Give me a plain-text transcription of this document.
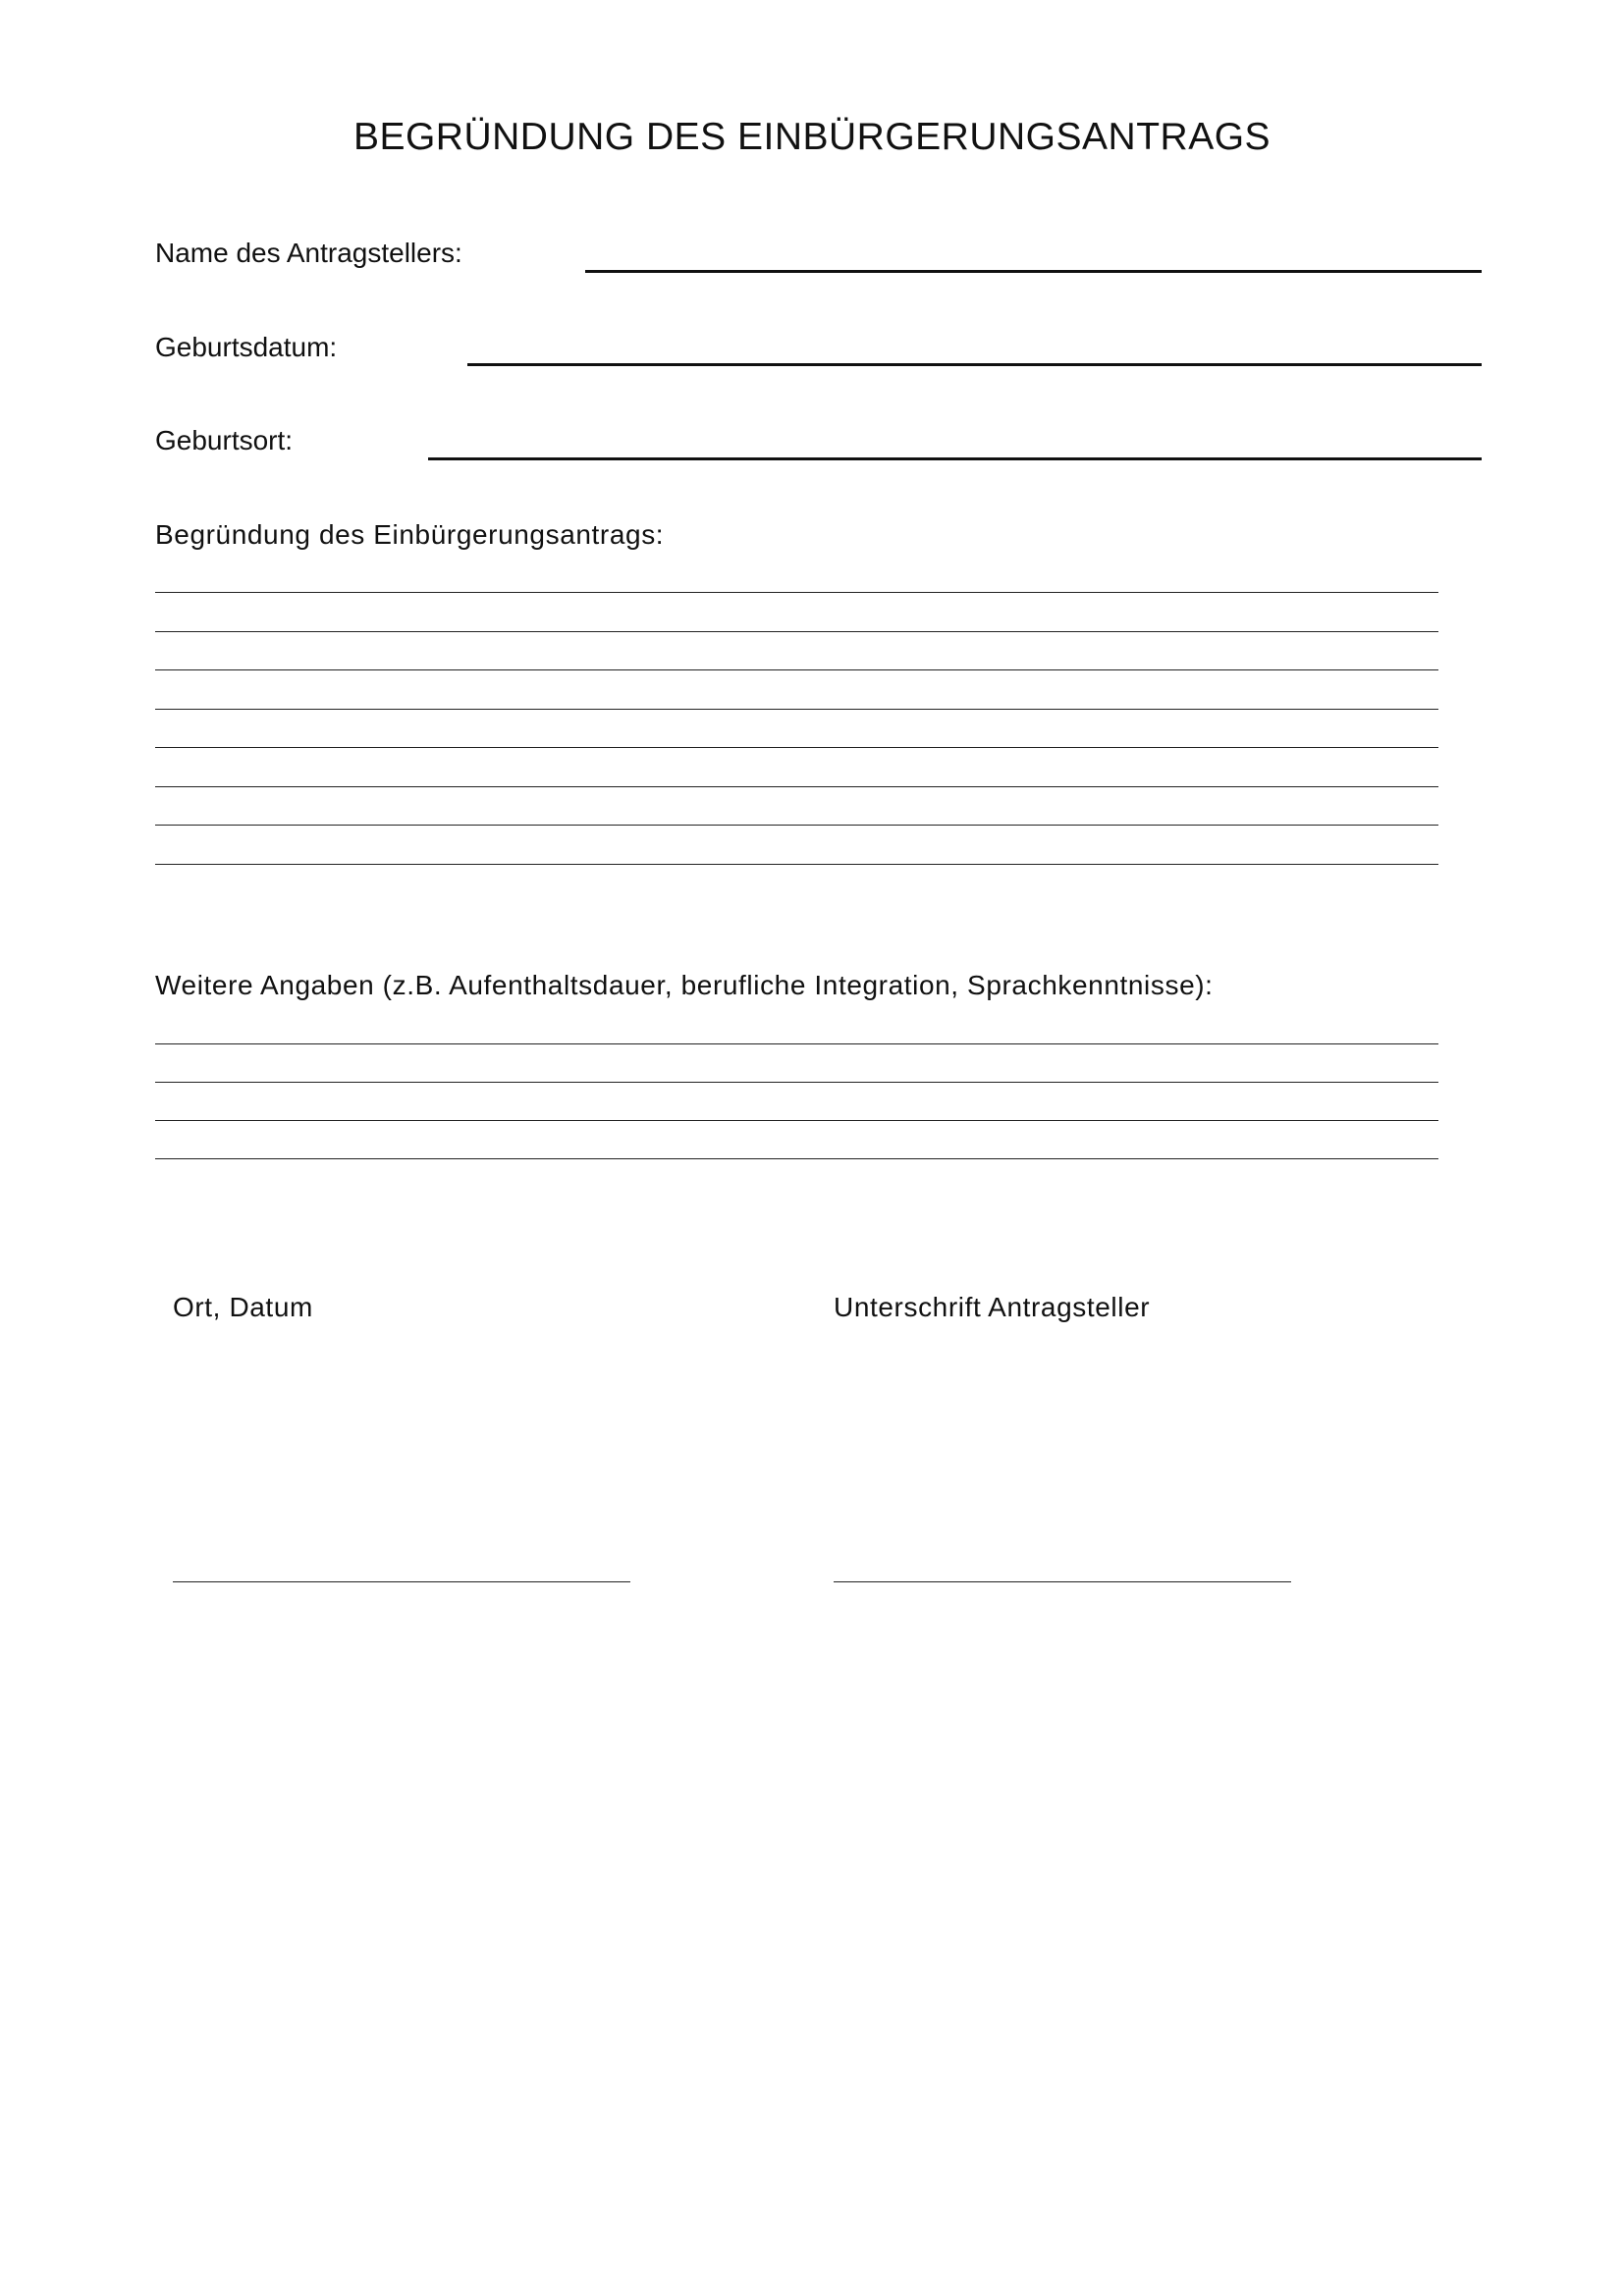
BEGRÜNDUNG DES EINBÜRGERUNGSANTRAGS
Name des Antragstellers:
Geburtsdatum:
Geburtsort:
Begründung des Einbürgerungsantrags:
Weitere Angaben (z.B. Aufenthaltsdauer, berufliche Integration, Sprachkenntnisse):
Ort, Datum	Unterschrift Antragsteller
